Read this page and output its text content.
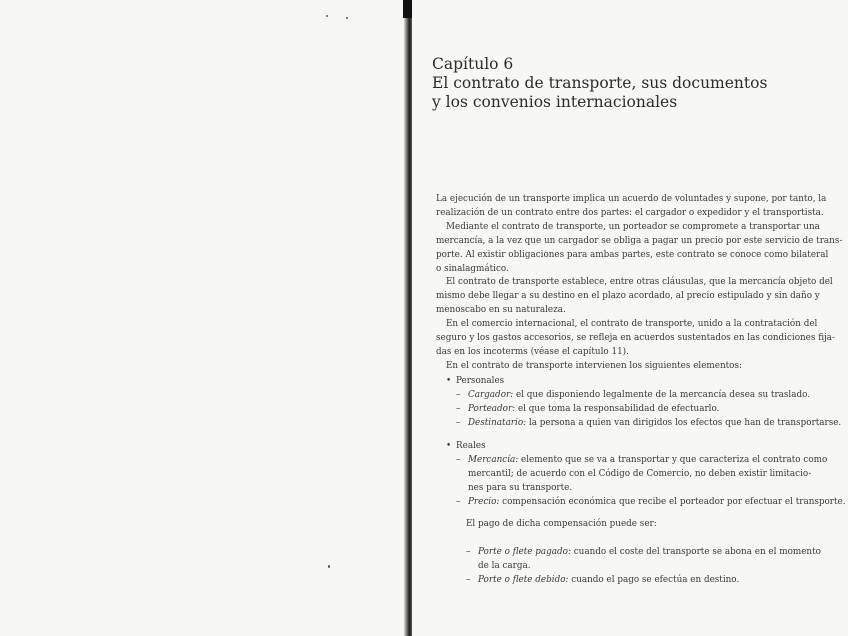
Capítulo 6
El contrato de transporte, sus documentos
y los convenios internacionales

La ejecución de un transporte implica un acuerdo de voluntades y supone, por tanto, la

realización de un contrato entre dos partes: el cargador o expedidor y el transportista.

Mediante el contrato de transporte, un porteador se compromete a transportar una

mercancía, a la vez que un cargador se obliga a pagar un precio por este servicio de trans-

porte. Al existir obligaciones para ambas partes, este contrato se conoce como bilateral

o sinalagmático.

El contrato de transporte establece, entre otras cláusulas, que la mercancía objeto del

mismo debe llegar a su destino en el plazo acordado, al precio estipulado y sin daño y

menoscabo en su naturaleza.

En el comercio internacional, el contrato de transporte, unido a la contratación del

seguro y los gastos accesorios, se refleja en acuerdos sustentados en las condiciones fija-

das en los incoterms (véase el capítulo 11).

En el contrato de transporte intervienen los siguientes elementos:

• Personales
– Cargador: el que disponiendo legalmente de la mercancía desea su traslado.
– Porteador: el que toma la responsabilidad de efectuarlo.
– Destinatario: la persona a quien van dirigidos los efectos que han de transportarse.
• Reales
– Mercancía: elemento que se va a transportar y que caracteriza el contrato como
mercantil; de acuerdo con el Código de Comercio, no deben existir limitacio-
nes para su transporte.
– Precio: compensación económica que recibe el porteador por efectuar el transporte.
El pago de dicha compensación puede ser:
– Porte o flete pagado: cuando el coste del transporte se abona en el momento
de la carga.
– Porte o flete debido: cuando el pago se efectúa en destino.
